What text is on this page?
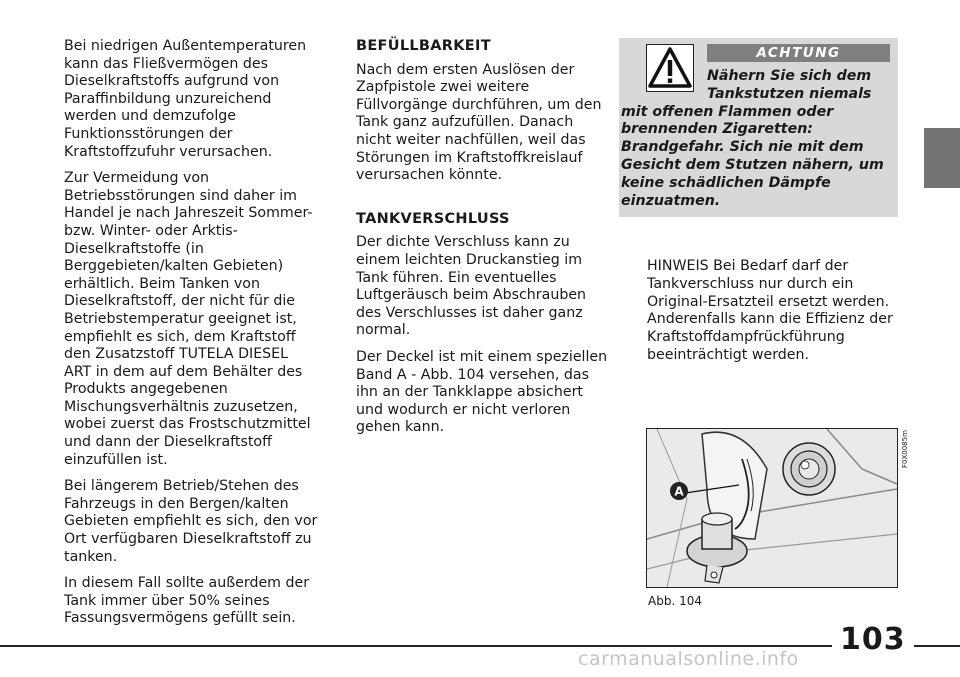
Bei niedrigen Außentemperaturen kann das Fließvermögen des Dieselkraftstoffs aufgrund von Paraffinbildung unzureichend werden und demzufolge Funktionsstörungen der Kraftstoffzufuhr verursachen.

Zur Vermeidung von Betriebsstörungen sind daher im Handel je nach Jahreszeit Sommer- bzw. Winter- oder Arktis-Dieselkraftstoffe (in Berggebieten/kalten Gebieten) erhältlich. Beim Tanken von Dieselkraftstoff, der nicht für die Betriebstemperatur geeignet ist, empfiehlt es sich, dem Kraftstoff den Zusatzstoff TUTELA DIESEL ART in dem auf dem Behälter des Produkts angegebenen Mischungsverhältnis zuzusetzen, wobei zuerst das Frostschutzmittel und dann der Dieselkraftstoff einzufüllen ist.

Bei längerem Betrieb/Stehen des Fahrzeugs in den Bergen/kalten Gebieten empfiehlt es sich, den vor Ort verfügbaren Dieselkraftstoff zu tanken.

In diesem Fall sollte außerdem der Tank immer über 50% seines Fassungsvermögens gefüllt sein.

BEFÜLLBARKEIT

Nach dem ersten Auslösen der Zapfpistole zwei weitere Füllvorgänge durchführen, um den Tank ganz aufzufüllen. Danach nicht weiter nachfüllen, weil das Störungen im Kraftstoffkreislauf verursachen könnte.

TANKVERSCHLUSS

Der dichte Verschluss kann zu einem leichten Druckanstieg im Tank führen. Ein eventuelles Luftgeräusch beim Abschrauben des Verschlusses ist daher ganz normal.

Der Deckel ist mit einem speziellen Band A - Abb. 104 versehen, das ihn an der Tankklappe absichert und wodurch er nicht verloren gehen kann.

ACHTUNG
Nähern Sie sich dem Tankstutzen niemals mit offenen Flammen oder brennenden Zigaretten: Brandgefahr. Sich nie mit dem Gesicht dem Stutzen nähern, um keine schädlichen Dämpfe einzuatmen.
HINWEIS Bei Bedarf darf der Tankverschluss nur durch ein Original-Ersatzteil ersetzt werden. Anderenfalls kann die Effizienz der Kraftstoffdampfrückführung beeinträchtigt werden.
A
F0X0085m
Abb. 104
103
carmanualsonline.info
